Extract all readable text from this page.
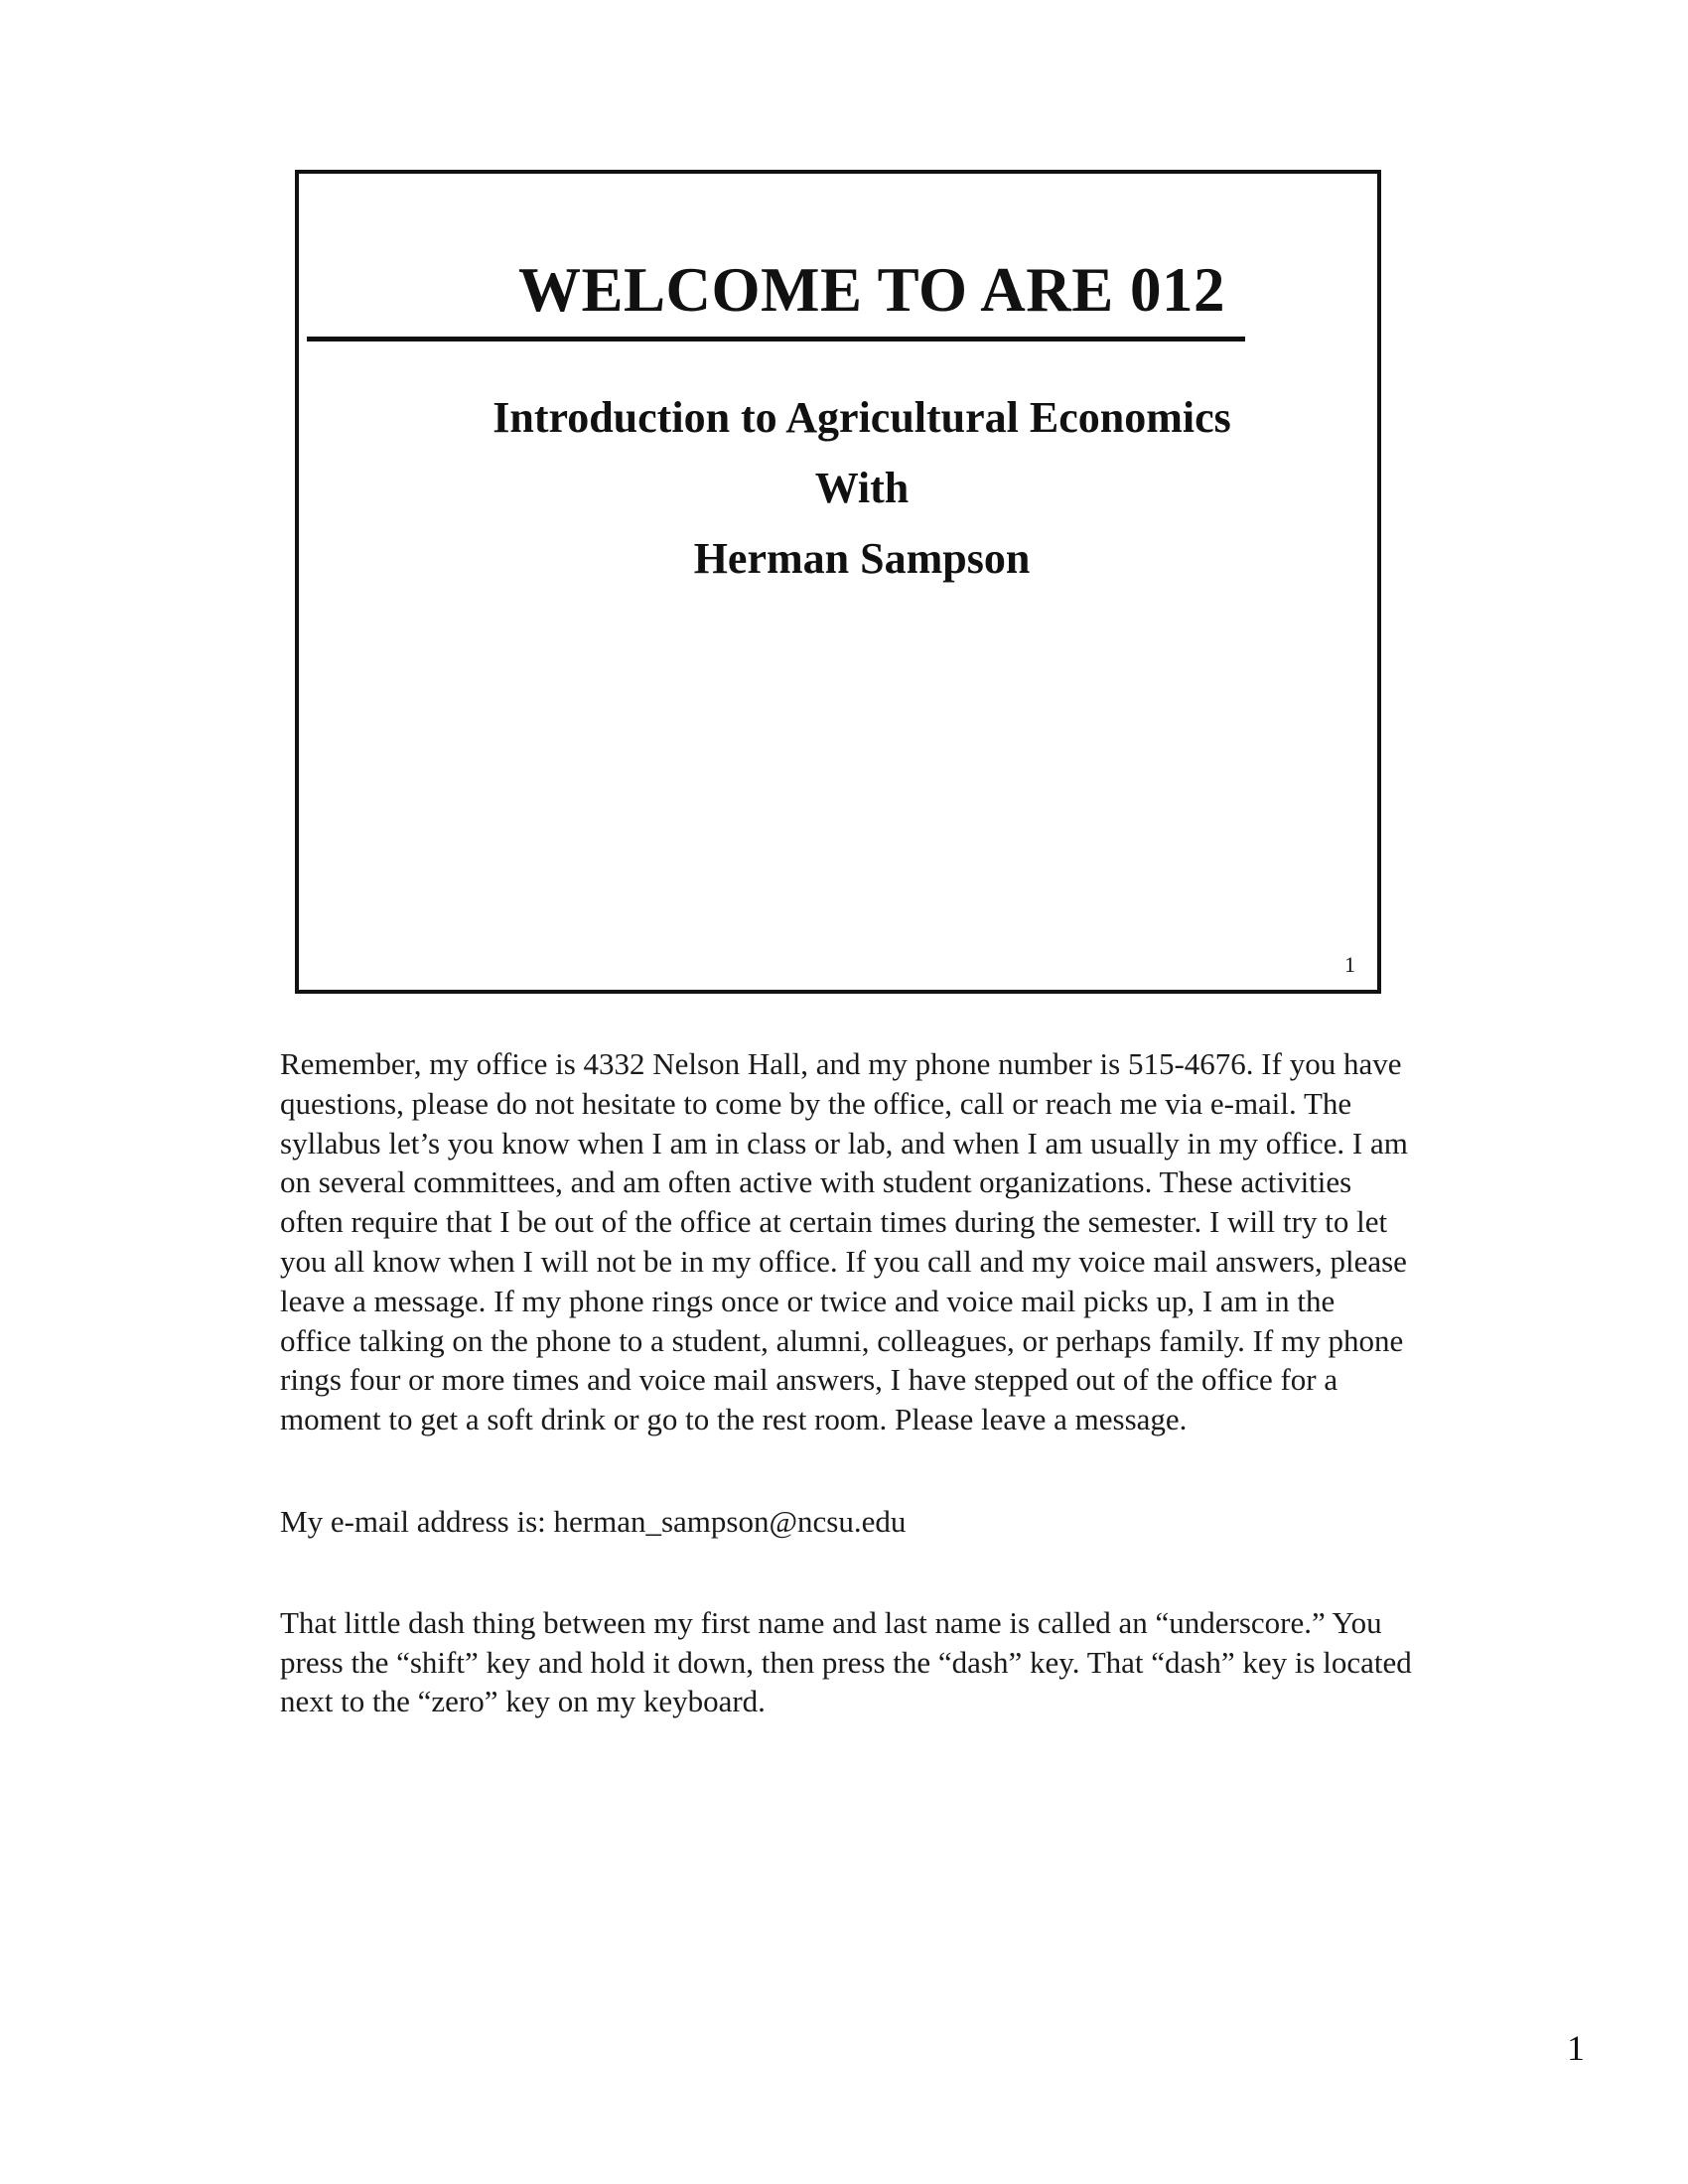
WELCOME TO ARE 012
Introduction to Agricultural Economics
With
Herman Sampson
1

Remember, my office is 4332 Nelson Hall, and my phone number is 515-4676. If you have questions, please do not hesitate to come by the office, call or reach me via e-mail. The syllabus let’s you know when I am in class or lab, and when I am usually in my office. I am on several committees, and am often active with student organizations. These activities often require that I be out of the office at certain times during the semester. I will try to let you all know when I will not be in my office. If you call and my voice mail answers, please leave a message. If my phone rings once or twice and voice mail picks up, I am in the office talking on the phone to a student, alumni, colleagues, or perhaps family. If my phone rings four or more times and voice mail answers, I have stepped out of the office for a moment to get a soft drink or go to the rest room. Please leave a message.

My e-mail address is: herman_sampson@ncsu.edu

That little dash thing between my first name and last name is called an “underscore.” You press the “shift” key and hold it down, then press the “dash” key. That “dash” key is located next to the “zero” key on my keyboard.

1
